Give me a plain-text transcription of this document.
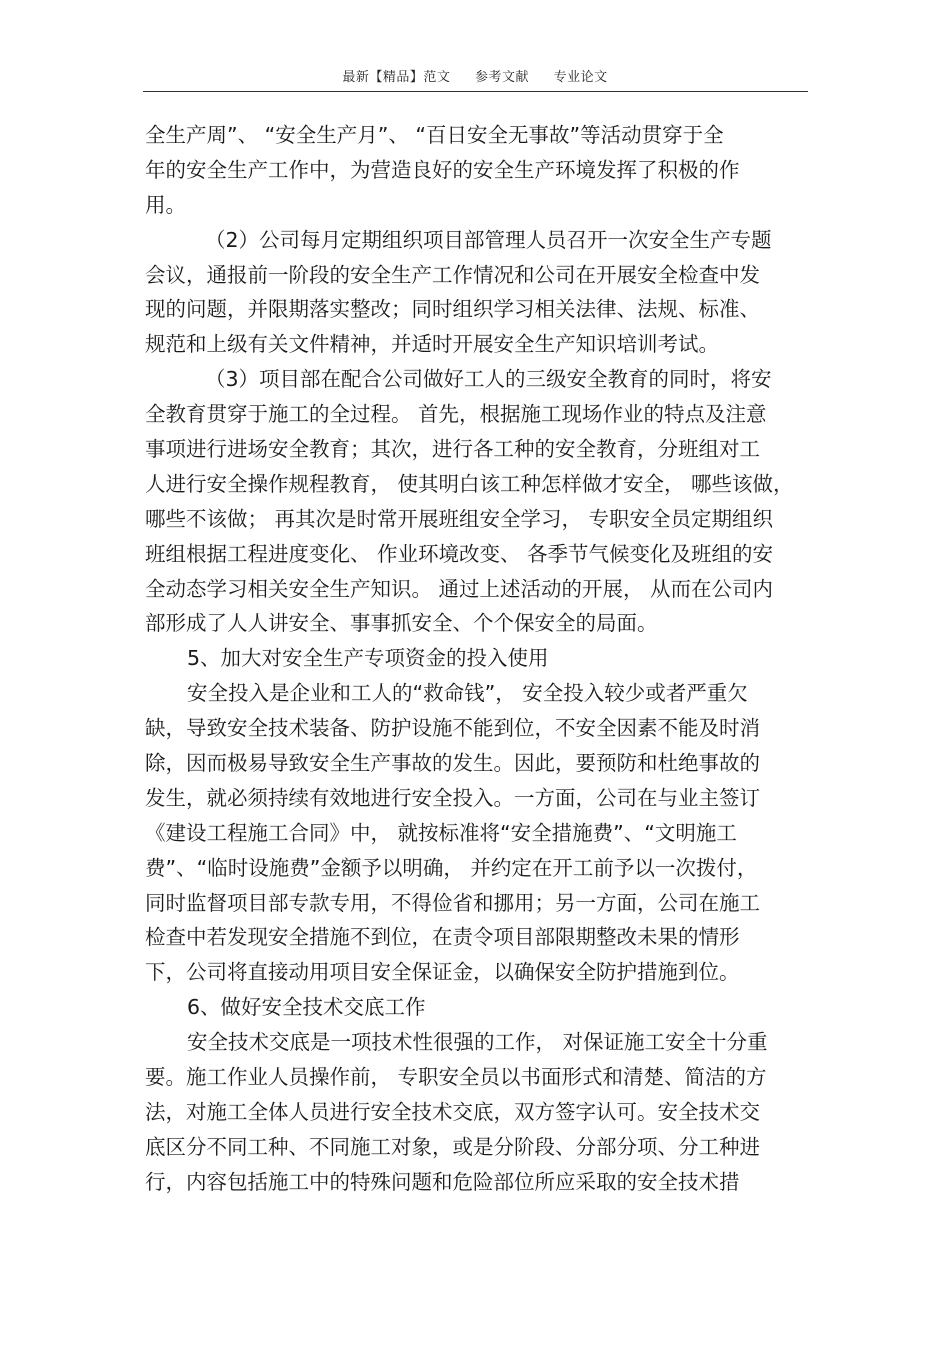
最新【精品】范文 参考文献 专业论文
全生产周”、 “安全生产月”、 “百日安全无事故”等活动贯穿于全
年的安全生产工作中，为营造良好的安全生产环境发挥了积极的作
用。
（2）公司每月定期组织项目部管理人员召开一次安全生产专题
会议，通报前一阶段的安全生产工作情况和公司在开展安全检查中发
现的问题，并限期落实整改；同时组织学习相关法律、法规、标准、
规范和上级有关文件精神，并适时开展安全生产知识培训考试。
（3）项目部在配合公司做好工人的三级安全教育的同时，将安
全教育贯穿于施工的全过程。 首先，根据施工现场作业的特点及注意
事项进行进场安全教育；其次，进行各工种的安全教育，分班组对工
人进行安全操作规程教育， 使其明白该工种怎样做才安全， 哪些该做，
哪些不该做； 再其次是时常开展班组安全学习， 专职安全员定期组织
班组根据工程进度变化、 作业环境改变、 各季节气候变化及班组的安
全动态学习相关安全生产知识。 通过上述活动的开展， 从而在公司内
部形成了人人讲安全、事事抓安全、个个保安全的局面。
5、加大对安全生产专项资金的投入使用
安全投入是企业和工人的“救命钱”， 安全投入较少或者严重欠
缺，导致安全技术装备、防护设施不能到位，不安全因素不能及时消
除，因而极易导致安全生产事故的发生。因此，要预防和杜绝事故的
发生，就必须持续有效地进行安全投入。一方面，公司在与业主签订
《建设工程施工合同》中， 就按标准将“安全措施费”、“文明施工
费”、“临时设施费”金额予以明确， 并约定在开工前予以一次拨付，
同时监督项目部专款专用，不得俭省和挪用；另一方面，公司在施工
检查中若发现安全措施不到位，在责令项目部限期整改未果的情形
下，公司将直接动用项目安全保证金，以确保安全防护措施到位。
6、做好安全技术交底工作
安全技术交底是一项技术性很强的工作， 对保证施工安全十分重
要。施工作业人员操作前， 专职安全员以书面形式和清楚、简洁的方
法，对施工全体人员进行安全技术交底，双方签字认可。安全技术交
底区分不同工种、不同施工对象，或是分阶段、分部分项、分工种进
行，内容包括施工中的特殊问题和危险部位所应采取的安全技术措
